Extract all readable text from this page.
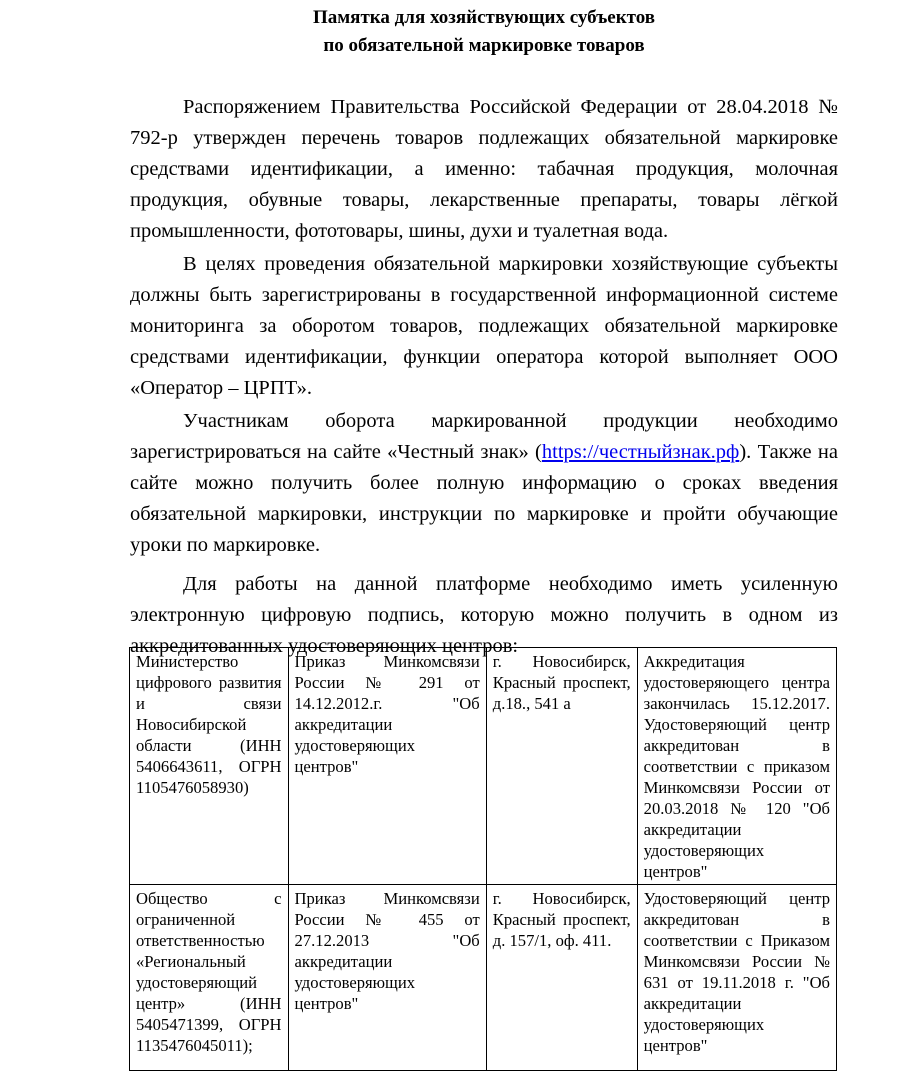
Памятка для хозяйствующих субъектов
по обязательной маркировке товаров

Распоряжением Правительства Российской Федерации от 28.04.2018 № 792-р утвержден перечень товаров подлежащих обязательной маркировке средствами идентификации, а именно: табачная продукция, молочная продукция, обувные товары, лекарственные препараты, товары лёгкой промышленности, фототовары, шины, духи и туалетная вода.

В целях проведения обязательной маркировки хозяйствующие субъекты должны быть зарегистрированы в государственной информационной системе мониторинга за оборотом товаров, подлежащих обязательной маркировке средствами идентификации, функции оператора которой выполняет ООО «Оператор – ЦРПТ».

Участникам оборота маркированной продукции необходимо зарегистрироваться на сайте «Честный знак» (https://честныйзнак.рф). Также на сайте можно получить более полную информацию о сроках введения обязательной маркировки, инструкции по маркировке и пройти обучающие уроки по маркировке.

Для работы на данной платформе необходимо иметь усиленную электронную цифровую подпись, которую можно получить в одном из аккредитованных удостоверяющих центров:

Министерство цифрового развития и связи Новосибирской области (ИНН 5406643611, ОГРН 1105476058930)	Приказ Минкомсвязи России № 291 от 14.12.2012.г. "Об аккредитации удостоверяющих центров"	г. Новосибирск, Красный проспект, д.18., 541 а	Аккредитация удостоверяющего центра закончилась 15.12.2017. Удостоверяющий центр аккредитован в соответствии с приказом Минкомсвязи России от 20.03.2018 № 120 "Об аккредитации удостоверяющих центров"
Общество с ограниченной ответственностью «Региональный удостоверяющий центр» (ИНН 5405471399, ОГРН 1135476045011);	Приказ Минкомсвязи России № 455 от 27.12.2013 "Об аккредитации удостоверяющих центров"	г. Новосибирск, Красный проспект, д. 157/1, оф. 411.	Удостоверяющий центр аккредитован в соответствии с Приказом Минкомсвязи России № 631 от 19.11.2018 г. "Об аккредитации удостоверяющих центров"
